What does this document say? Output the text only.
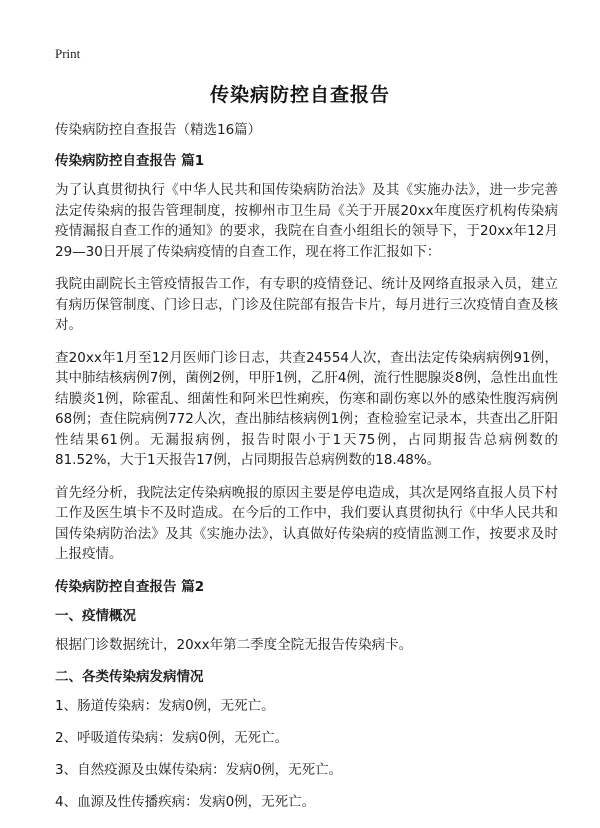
Print
传染病防控自查报告
传染病防控自查报告（精选16篇）
传染病防控自查报告 篇1
为了认真贯彻执行《中华人民共和国传染病防治法》及其《实施办法》，进一步完善法定传染病的报告管理制度，按柳州市卫生局《关于开展20xx年度医疗机构传染病疫情漏报自查工作的通知》的要求，我院在自查小组组长的领导下，于20xx年12月29—30日开展了传染病疫情的自查工作，现在将工作汇报如下：
我院由副院长主管疫情报告工作，有专职的疫情登记、统计及网络直报录入员，建立有病历保管制度、门诊日志，门诊及住院部有报告卡片，每月进行三次疫情自查及核对。
查20xx年1月至12月医师门诊日志，共查24554人次，查出法定传染病病例91例，其中肺结核病例7例，菌例2例，甲肝1例，乙肝4例，流行性腮腺炎8例，急性出血性结膜炎1例，除霍乱、细菌性和阿米巴性痢疾，伤寒和副伤寒以外的感染性腹泻病例68例；查住院病例772人次，查出肺结核病例1例；查检验室记录本，共查出乙肝阳性结果61例。无漏报病例，报告时限小于1天75例，占同期报告总病例数的81.52%，大于1天报告17例，占同期报告总病例数的18.48%。
首先经分析，我院法定传染病晚报的原因主要是停电造成，其次是网络直报人员下村工作及医生填卡不及时造成。在今后的工作中，我们要认真贯彻执行《中华人民共和国传染病防治法》及其《实施办法》，认真做好传染病的疫情监测工作，按要求及时上报疫情。
传染病防控自查报告 篇2
一、疫情概况
根据门诊数据统计，20xx年第二季度全院无报告传染病卡。
二、各类传染病发病情况
1、肠道传染病：发病0例，无死亡。
2、呼吸道传染病：发病0例，无死亡。
3、自然疫源及虫媒传染病：发病0例，无死亡。
4、血源及性传播疾病：发病0例，无死亡。
